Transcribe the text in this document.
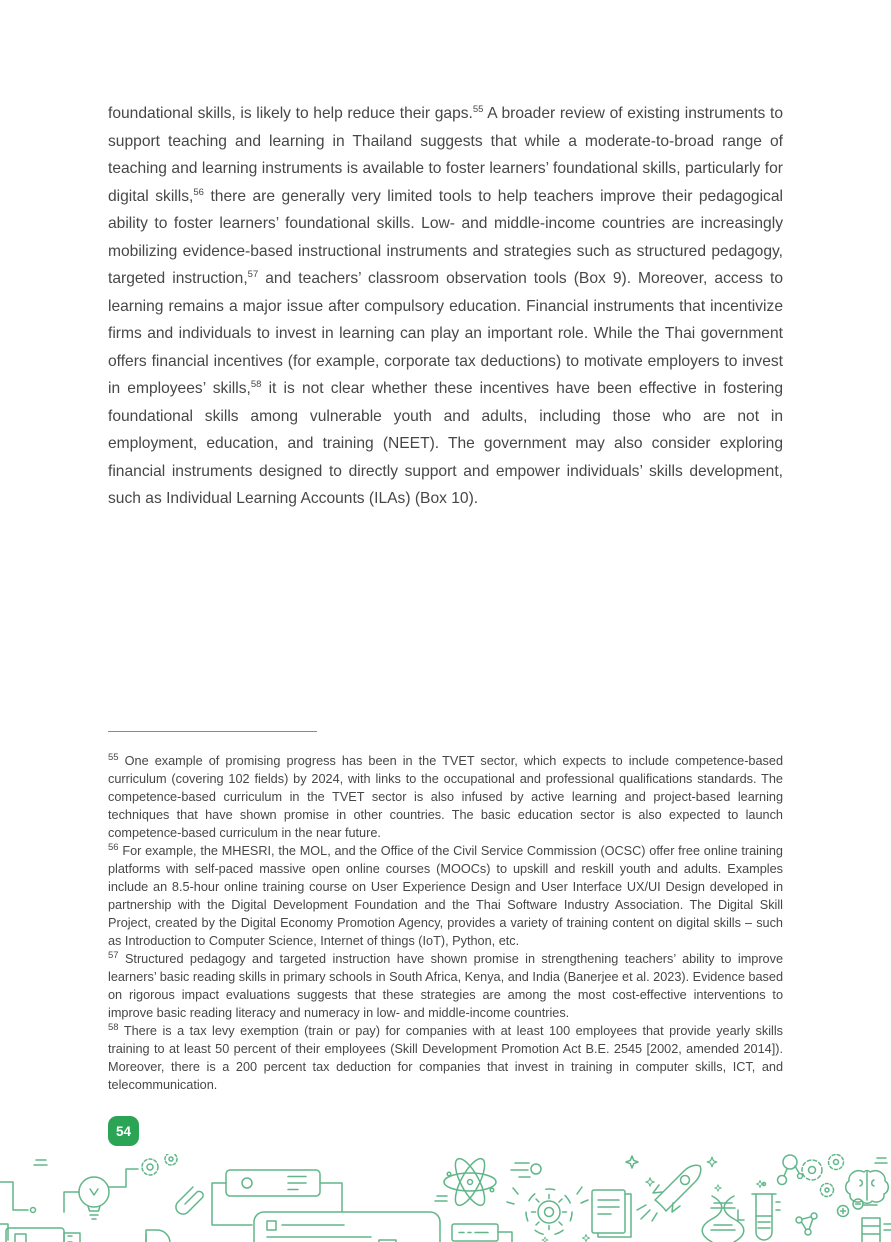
foundational skills, is likely to help reduce their gaps.$^{55}$ A broader review of existing instruments to support teaching and learning in Thailand suggests that while a moderate-to-broad range of teaching and learning instruments is available to foster learners’ foundational skills, particularly for digital skills,$^{56}$ there are generally very limited tools to help teachers improve their pedagogical ability to foster learners’ foundational skills. Low- and middle-income countries are increasingly mobilizing evidence-based instructional instruments and strategies such as structured pedagogy, targeted instruction,$^{57}$ and teachers’ classroom observation tools (Box 9). Moreover, access to learning remains a major issue after compulsory education. Financial instruments that incentivize firms and individuals to invest in learning can play an important role. While the Thai government offers financial incentives (for example, corporate tax deductions) to motivate employers to invest in employees’ skills,$^{58}$ it is not clear whether these incentives have been effective in fostering foundational skills among vulnerable youth and adults, including those who are not in employment, education, and training (NEET). The government may also consider exploring financial instruments designed to directly support and empower individuals’ skills development, such as Individual Learning Accounts (ILAs) (Box 10).

$^{55}$ One example of promising progress has been in the TVET sector, which expects to include competence-based curriculum (covering 102 fields) by 2024, with links to the occupational and professional qualifications standards. The competence-based curriculum in the TVET sector is also infused by active learning and project-based learning techniques that have shown promise in other countries. The basic education sector is also expected to launch competence-based curriculum in the near future.

$^{56}$ For example, the MHESRI, the MOL, and the Office of the Civil Service Commission (OCSC) offer free online training platforms with self-paced massive open online courses (MOOCs) to upskill and reskill youth and adults. Examples include an 8.5-hour online training course on User Experience Design and User Interface UX/UI Design developed in partnership with the Digital Development Foundation and the Thai Software Industry Association. The Digital Skill Project, created by the Digital Economy Promotion Agency, provides a variety of training content on digital skills – such as Introduction to Computer Science, Internet of things (IoT), Python, etc.

$^{57}$ Structured pedagogy and targeted instruction have shown promise in strengthening teachers’ ability to improve learners’ basic reading skills in primary schools in South Africa, Kenya, and India (Banerjee et al. 2023). Evidence based on rigorous impact evaluations suggests that these strategies are among the most cost-effective interventions to improve basic reading literacy and numeracy in low- and middle-income countries.

$^{58}$ There is a tax levy exemption (train or pay) for companies with at least 100 employees that provide yearly skills training to at least 50 percent of their employees (Skill Development Promotion Act B.E. 2545 [2002, amended 2014]). Moreover, there is a 200 percent tax deduction for companies that invest in training in computer skills, ICT, and telecommunication.

54
